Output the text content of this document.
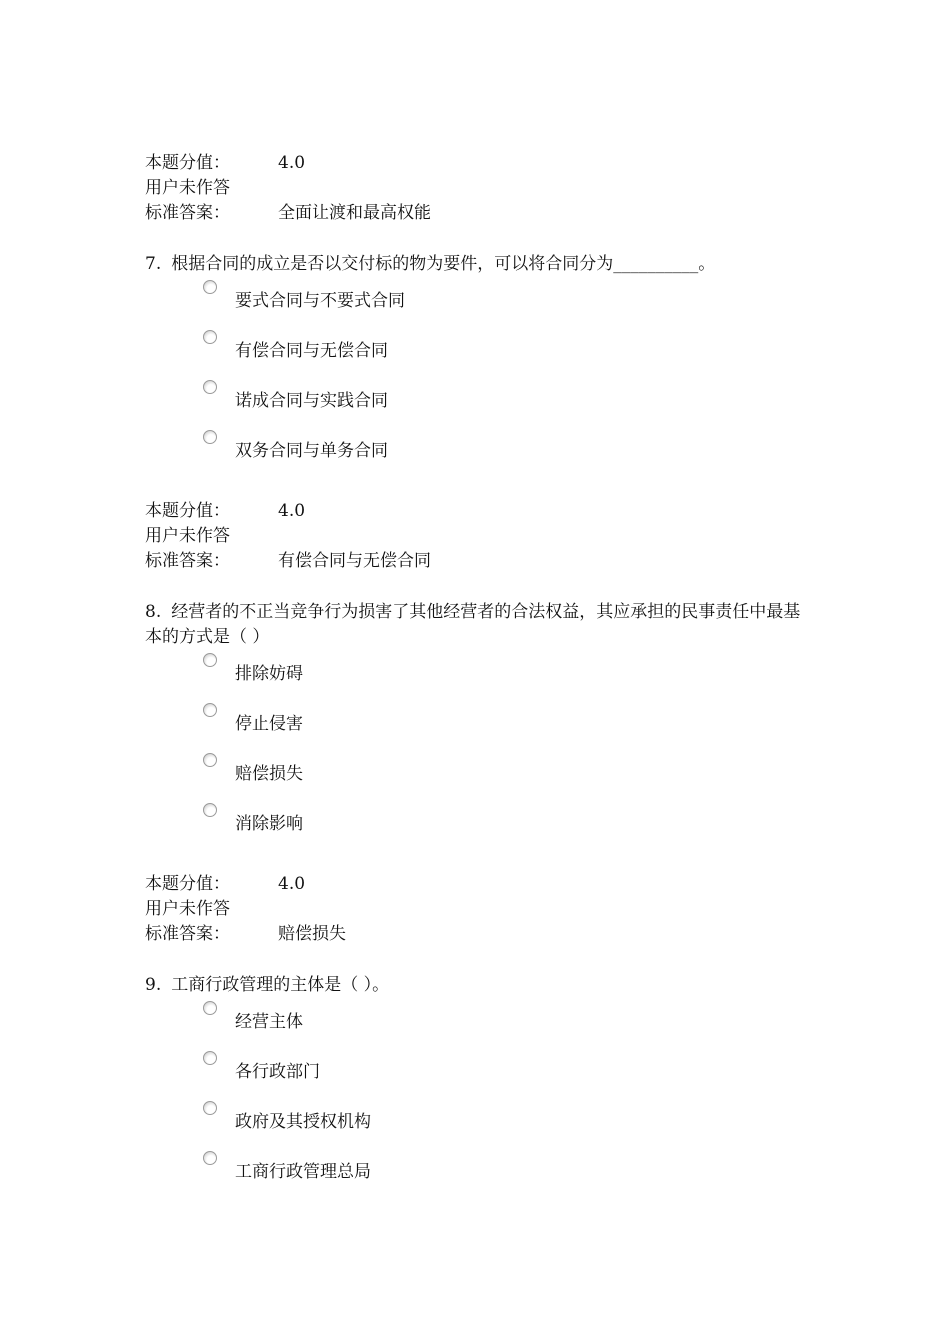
本题分值：	4.0
用户未作答
标准答案：	全面让渡和最高权能
7. 根据合同的成立是否以交付标的物为要件，可以将合同分为__________。
要式合同与不要式合同
有偿合同与无偿合同
诺成合同与实践合同
双务合同与单务合同
本题分值：	4.0
用户未作答
标准答案：	有偿合同与无偿合同
8. 经营者的不正当竞争行为损害了其他经营者的合法权益，其应承担的民事责任中最基本的方式是（ ）
排除妨碍
停止侵害
赔偿损失
消除影响
本题分值：	4.0
用户未作答
标准答案：	赔偿损失
9. 工商行政管理的主体是（ ）。
经营主体
各行政部门
政府及其授权机构
工商行政管理总局
